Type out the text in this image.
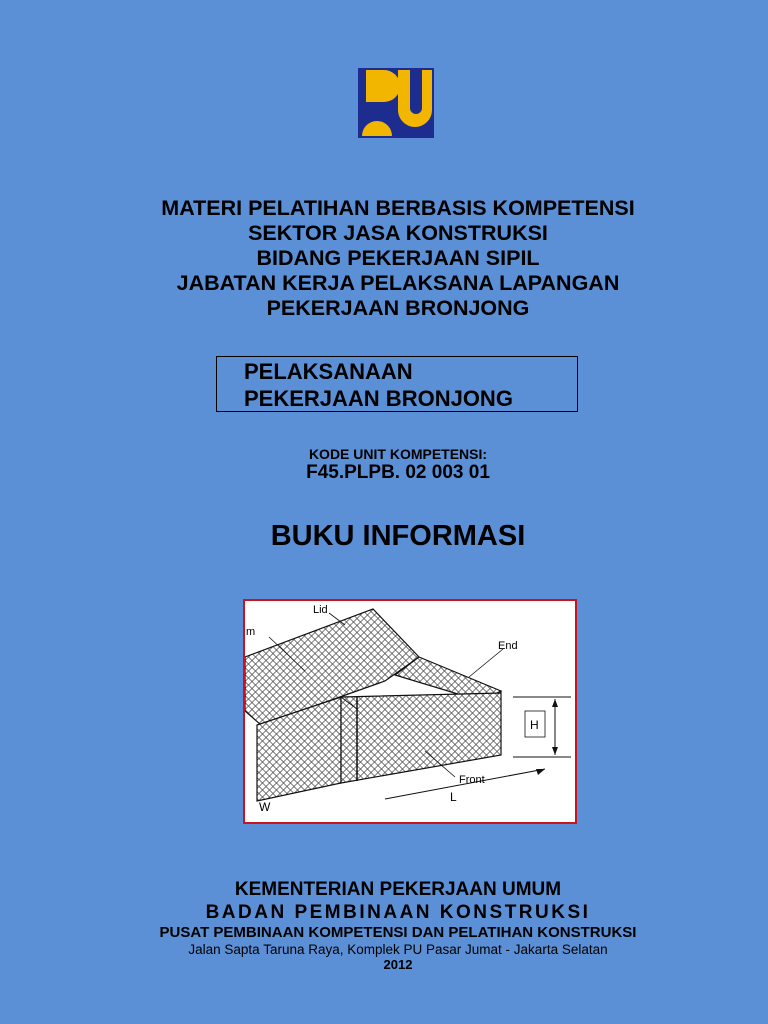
MATERI PELATIHAN BERBASIS KOMPETENSI
SEKTOR JASA KONSTRUKSI
BIDANG PEKERJAAN SIPIL
JABATAN KERJA PELAKSANA LAPANGAN
PEKERJAAN BRONJONG
PELAKSANAAN
PEKERJAAN BRONJONG
KODE UNIT KOMPETENSI:
F45.PLPB. 02 003 01
BUKU INFORMASI
Lid
m
End
H
Front
L
W
KEMENTERIAN PEKERJAAN UMUM
BADAN PEMBINAAN KONSTRUKSI
PUSAT PEMBINAAN KOMPETENSI DAN PELATIHAN KONSTRUKSI
Jalan Sapta Taruna Raya, Komplek PU Pasar Jumat - Jakarta Selatan
2012
